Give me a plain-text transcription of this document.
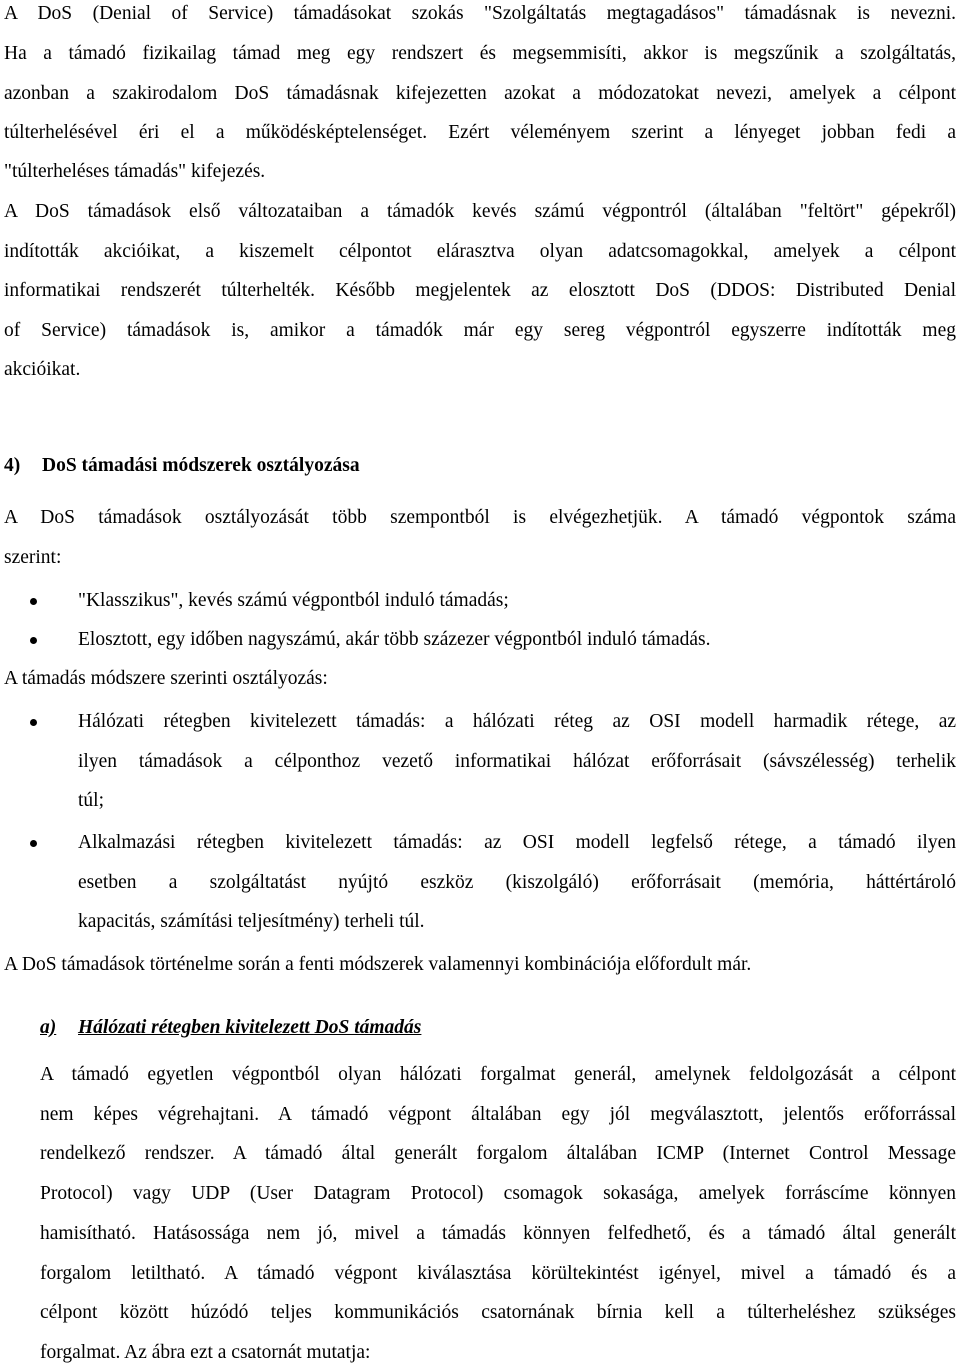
A DoS (Denial of Service) támadásokat szokás "Szolgáltatás megtagadásos" támadásnak is nevezni.
Ha a támadó fizikailag támad meg egy rendszert és megsemmisíti, akkor is megszűnik a szolgáltatás,
azonban a szakirodalom DoS támadásnak kifejezetten azokat a módozatokat nevezi, amelyek a célpont
túlterhelésével éri el a működésképtelenséget. Ezért véleményem szerint a lényeget jobban fedi a
"túlterheléses támadás" kifejezés.
A DoS támadások első változataiban a támadók kevés számú végpontról (általában "feltört" gépekről)
indították akcióikat, a kiszemelt célpontot elárasztva olyan adatcsomagokkal, amelyek a célpont
informatikai rendszerét túlterhelték. Később megjelentek az elosztott DoS (DDOS: Distributed Denial
of Service) támadások is, amikor a támadók már egy sereg végpontról egyszerre indították meg
akcióikat.
4) DoS támadási módszerek osztályozása
A DoS támadások osztályozását több szempontból is elvégezhetjük. A támadó végpontok száma
szerint:
"Klasszikus", kevés számú végpontból induló támadás;
Elosztott, egy időben nagyszámú, akár több százezer végpontból induló támadás.
A támadás módszere szerinti osztályozás:
Hálózati rétegben kivitelezett támadás: a hálózati réteg az OSI modell harmadik rétege, az
ilyen támadások a célponthoz vezető informatikai hálózat erőforrásait (sávszélesség) terhelik
túl;
Alkalmazási rétegben kivitelezett támadás: az OSI modell legfelső rétege, a támadó ilyen
esetben a szolgáltatást nyújtó eszköz (kiszolgáló) erőforrásait (memória, háttértároló
kapacitás, számítási teljesítmény) terheli túl.
A DoS támadások történelme során a fenti módszerek valamennyi kombinációja előfordult már.
a) Hálózati rétegben kivitelezett DoS támadás
A támadó egyetlen végpontból olyan hálózati forgalmat generál, amelynek feldolgozását a célpont
nem képes végrehajtani. A támadó végpont általában egy jól megválasztott, jelentős erőforrással
rendelkező rendszer. A támadó által generált forgalom általában ICMP (Internet Control Message
Protocol) vagy UDP (User Datagram Protocol) csomagok sokasága, amelyek forráscíme könnyen
hamisítható. Hatásossága nem jó, mivel a támadás könnyen felfedhető, és a támadó által generált
forgalom letiltható. A támadó végpont kiválasztása körültekintést igényel, mivel a támadó és a
célpont között húzódó teljes kommunikációs csatornának bírnia kell a túlterheléshez szükséges
forgalmat. Az ábra ezt a csatornát mutatja:
